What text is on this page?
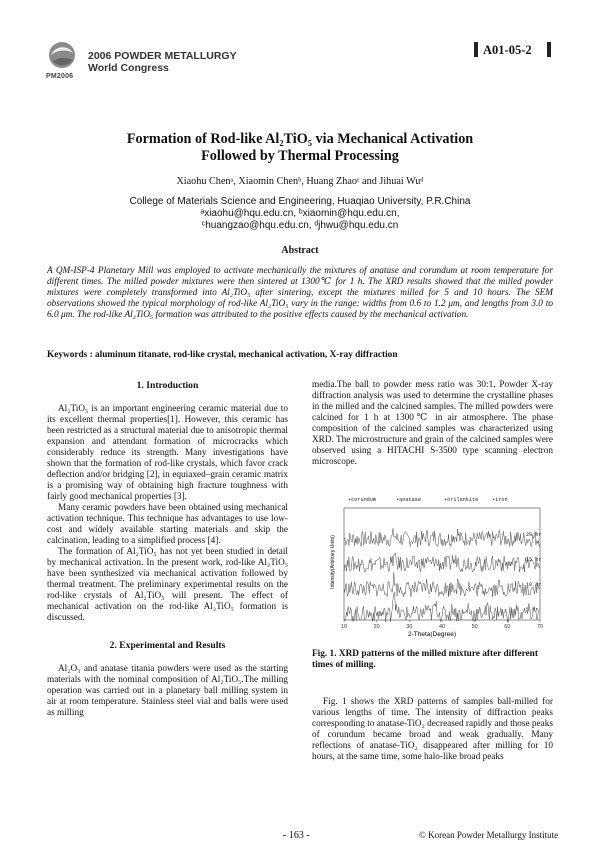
PM2006
2006 POWDER METALLURGY
World Congress
A01-05-2
Formation of Rod-like Al₂TiO₅ via Mechanical Activation
Followed by Thermal Processing
Xiaohu Chenᵃ, Xiaomin Chenᵇ, Huang Zhaoᶜ and Jihuai Wuᵈ
College of Materials Science and Engineering, Huaqiao University, P.R.China
ᵃxiaohu@hqu.edu.cn, ᵇxiaomin@hqu.edu.cn,
ᶜhuangzao@hqu.edu.cn, ᵈjhwu@hqu.edu.cn
Abstract
A QM-ISP-4 Planetary Mill was employed to activate mechanically the mixtures of anatase and corundum at room temperature for different times. The milled powder mixtures were then sintered at 1300℃ for 1 h. The XRD results showed that the milled powder mixtures were completely transformed into Al₂TiO₅ after sintering, except the mixtures milled for 5 and 10 hours. The SEM observations showed the typical morphology of rod-like Al₂TiO₅ vary in the range: widths from 0.6 to 1.2 μm, and lengths from 3.0 to 6.0 μm. The rod-like Al₂TiO₅ formation was attributed to the positive effects caused by the mechanical activation.
Keywords : aluminum titanate, rod-like crystal, mechanical activation, X-ray diffraction
1. Introduction

Al₂TiO₅ is an important engineering ceramic material due to its excellent thermal properties[1]. However, this ceramic has been restricted as a structural material due to anisotropic thermal expansion and attendant formation of microcracks which considerably reduce its strength. Many investigations have shown that the formation of rod-like crystals, which favor crack deflection and/or bridging [2], in equiaxed–grain ceramic matrix is a promising way of obtaining high fracture toughness with fairly good mechanical properties [3].

Many ceramic powders have been obtained using mechanical activation technique. This technique has advantages to use low-cost and widely available starting materials and skip the calcination, leading to a simplified process [4].

The formation of Al₂TiO₅ has not yet been studied in detail by mechanical activation. In the present work, rod-like Al₂TiO₅ have been synthesized via mechanical activation followed by thermal treatment. The preliminary experimental results on the rod-like crystals of Al₂TiO₅ will present. The effect of mechanical activation on the rod-like Al₂TiO₅ formation is discussed.

2. Experimental and Results

Al₂O₃ and anatase titania powders were used as the starting materials with the nominal composition of Al₂TiO₅.The milling operation was carried out in a planetary ball milling system in air at room temperature. Stainless steel vial and balls were used as milling

media.The ball to powder mess ratio was 30:1. Powder X-ray diffraction analysis was used to determine the crystalline phases in the milled and the calcined samples. The milled powders were calcined for 1 h at 1300℃ in air atmosphere. The phase composition of the calcined samples was characterized using XRD. The microstructure and grain of the calcined samples were observed using a HITACHI S-3500 type scanning electron microscope.
•corundum	•anatase	•orilankite	•iron
20 hr
15 hr
10 hr
5 hr
10	20	30	40	50	60	70
2-Theta(Degree)
Intensity(Arbitrary Units)
Fig. 1. XRD patterns of the milled mixture after different times of milling.

Fig. 1 shows the XRD patterns of samples ball-milled for various lengths of time. The intensity of diffraction peaks corresponding to anatase-TiO₂ decreased rapidly and those peaks of corundum became broad and weak gradually. Many reflections of anatase-TiO₂ disappeared after milling for 10 hours, at the same time, some halo-like broad peaks

- 163 -	© Korean Powder Metallurgy Institute
